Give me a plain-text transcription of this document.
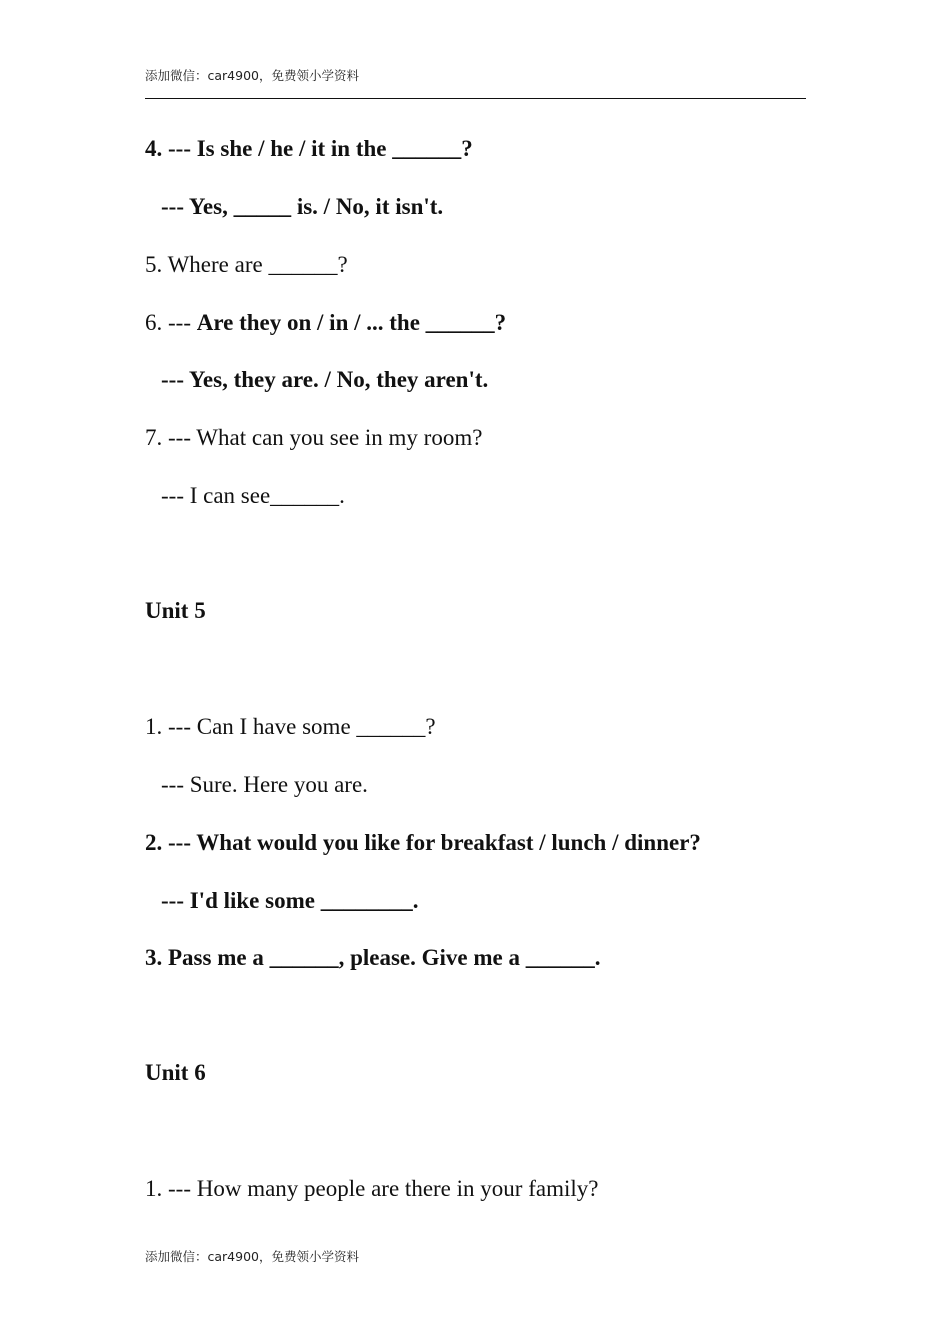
添加微信：car4900，免费领小学资料

4. --- Is she / he / it in the ______?

--- Yes, _____ is. / No, it isn't.

5. Where are ______?

6. --- Are they on / in / ... the ______?

--- Yes, they are. / No, they aren't.

7. --- What can you see in my room?

--- I can see______.

Unit 5

1. --- Can I have some ______?

--- Sure. Here you are.

2. --- What would you like for breakfast / lunch / dinner?

--- I'd like some ________.

3. Pass me a ______, please. Give me a ______.

Unit 6

1. --- How many people are there in your family?

添加微信：car4900，免费领小学资料
